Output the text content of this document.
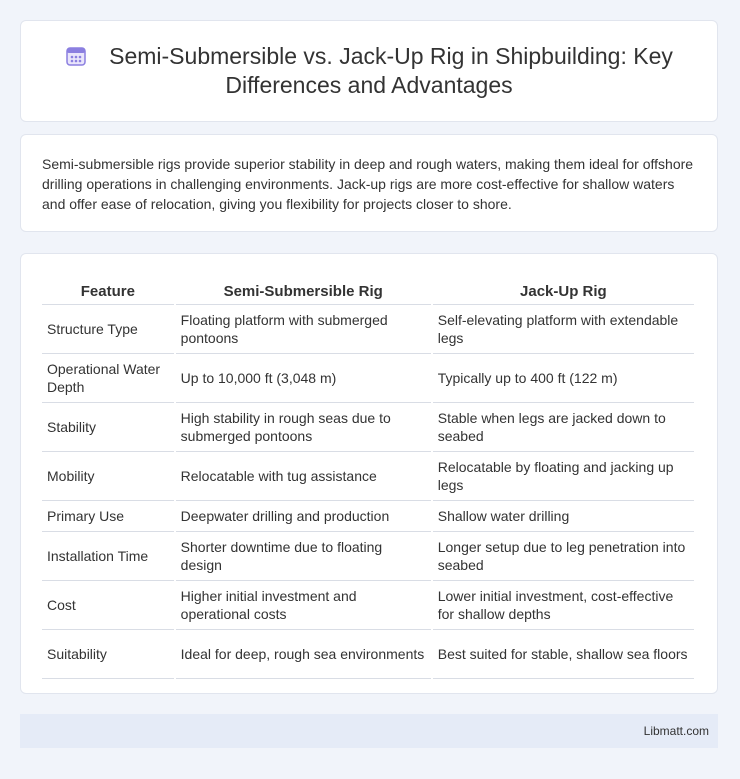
Semi-Submersible vs. Jack-Up Rig in Shipbuilding: Key Differences and Advantages
Semi-submersible rigs provide superior stability in deep and rough waters, making them ideal for offshore drilling operations in challenging environments. Jack-up rigs are more cost-effective for shallow waters and offer ease of relocation, giving you flexibility for projects closer to shore.
Feature	Semi-Submersible Rig	Jack-Up Rig
Structure Type	Floating platform with submerged pontoons	Self-elevating platform with extendable legs
Operational Water Depth	Up to 10,000 ft (3,048 m)	Typically up to 400 ft (122 m)
Stability	High stability in rough seas due to submerged pontoons	Stable when legs are jacked down to seabed
Mobility	Relocatable with tug assistance	Relocatable by floating and jacking up legs
Primary Use	Deepwater drilling and production	Shallow water drilling
Installation Time	Shorter downtime due to floating design	Longer setup due to leg penetration into seabed
Cost	Higher initial investment and operational costs	Lower initial investment, cost-effective for shallow depths
Suitability	Ideal for deep, rough sea environments	Best suited for stable, shallow sea floors
Libmatt.com
